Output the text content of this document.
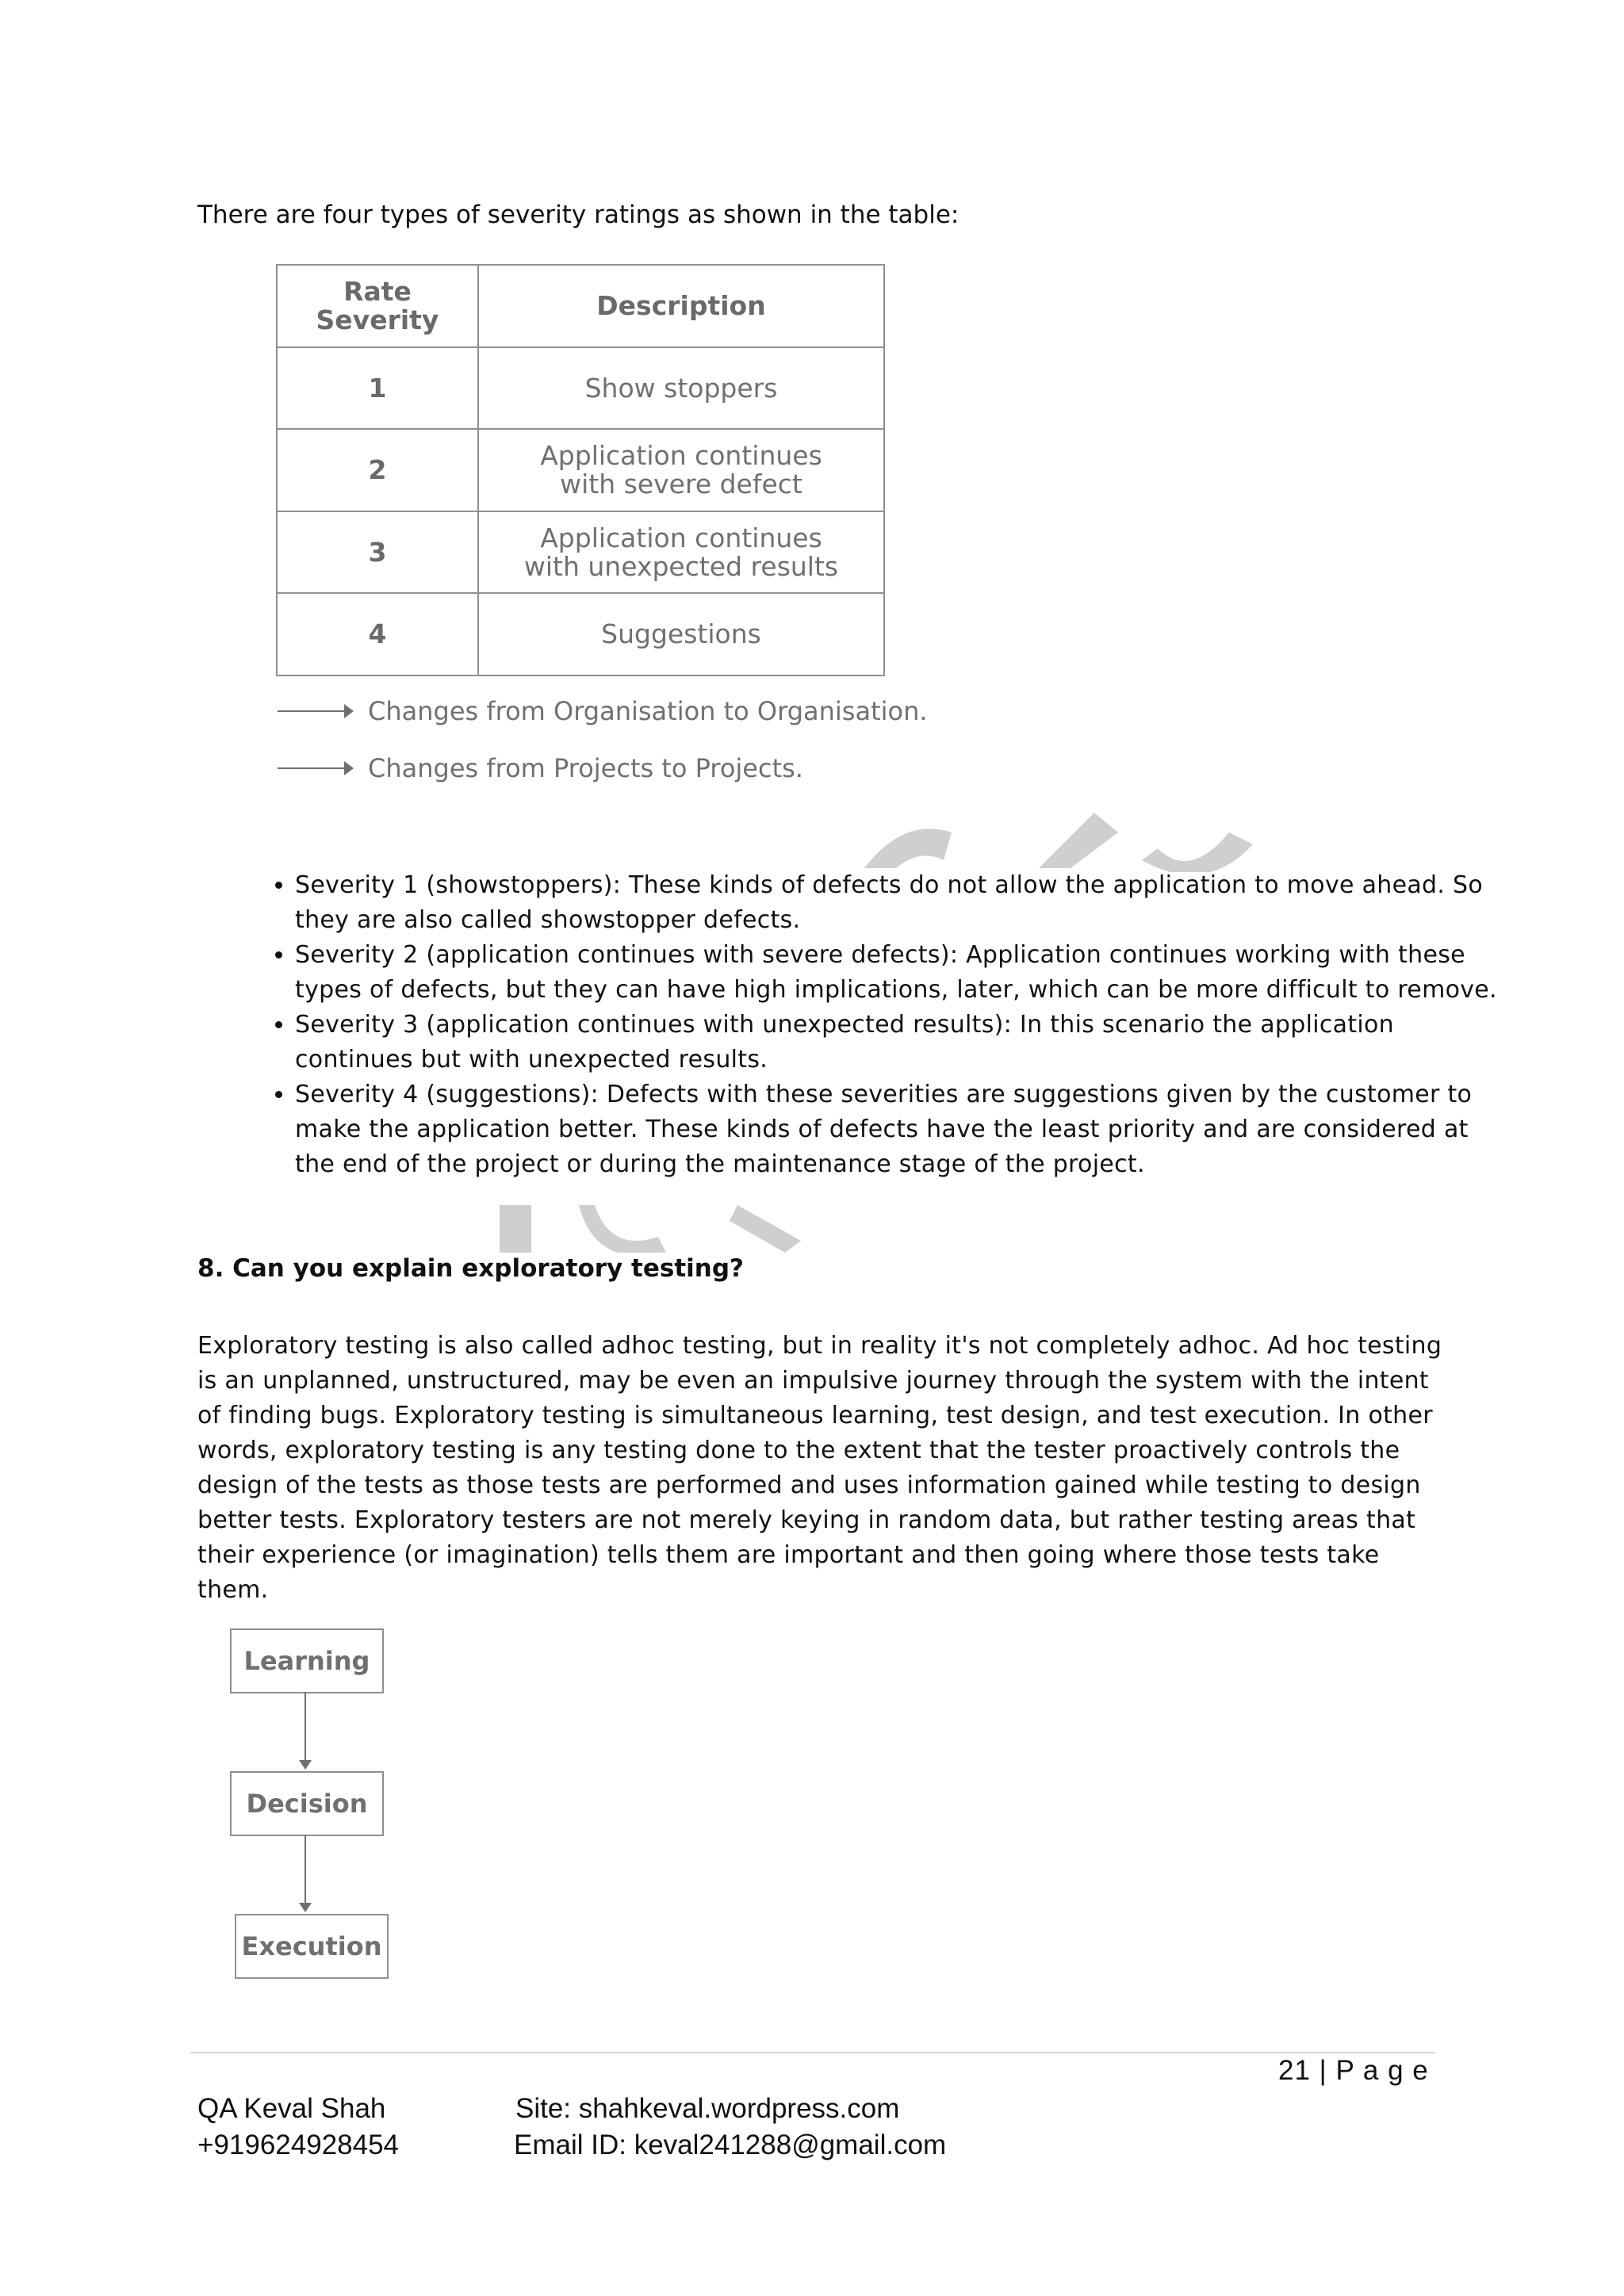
There are four types of severity ratings as shown in the table:
Rate Severity	Description
1	Show stoppers
2	Application continues with severe defect
3	Application continues with unexpected results
4	Suggestions
Changes from Organisation to Organisation.
Changes from Projects to Projects.
• Severity 1 (showstoppers): These kinds of defects do not allow the application to move ahead. So they are also called showstopper defects.
• Severity 2 (application continues with severe defects): Application continues working with these types of defects, but they can have high implications, later, which can be more difficult to remove.
• Severity 3 (application continues with unexpected results): In this scenario the application continues but with unexpected results.
• Severity 4 (suggestions): Defects with these severities are suggestions given by the customer to make the application better. These kinds of defects have the least priority and are considered at the end of the project or during the maintenance stage of the project.
8. Can you explain exploratory testing?
Exploratory testing is also called adhoc testing, but in reality it's not completely adhoc. Ad hoc testing is an unplanned, unstructured, may be even an impulsive journey through the system with the intent of finding bugs. Exploratory testing is simultaneous learning, test design, and test execution. In other words, exploratory testing is any testing done to the extent that the tester proactively controls the design of the tests as those tests are performed and uses information gained while testing to design better tests. Exploratory testers are not merely keying in random data, but rather testing areas that their experience (or imagination) tells them are important and then going where those tests take them.
Learning
Decision
Execution
21 | P a g e
QA Keval Shah
+919624928454
Site: shahkeval.wordpress.com
Email ID: keval241288@gmail.com
